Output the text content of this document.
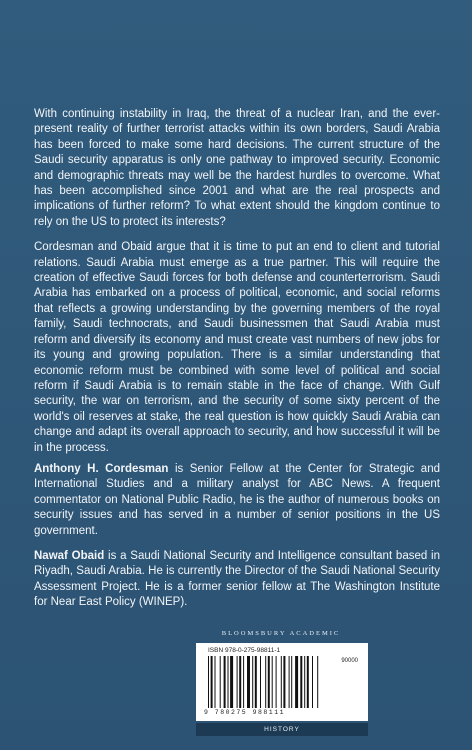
With continuing instability in Iraq, the threat of a nuclear Iran, and the ever-present reality of further terrorist attacks within its own borders, Saudi Arabia has been forced to make some hard decisions. The current structure of the Saudi security apparatus is only one pathway to improved security. Economic and demographic threats may well be the hardest hurdles to overcome. What has been accomplished since 2001 and what are the real prospects and implications of further reform? To what extent should the kingdom continue to rely on the US to protect its interests?

Cordesman and Obaid argue that it is time to put an end to client and tutorial relations. Saudi Arabia must emerge as a true partner. This will require the creation of effective Saudi forces for both defense and counterterrorism. Saudi Arabia has embarked on a process of political, economic, and social reforms that reflects a growing understanding by the governing members of the royal family, Saudi technocrats, and Saudi businessmen that Saudi Arabia must reform and diversify its economy and must create vast numbers of new jobs for its young and growing population. There is a similar understanding that economic reform must be combined with some level of political and social reform if Saudi Arabia is to remain stable in the face of change. With Gulf security, the war on terrorism, and the security of some sixty percent of the world's oil reserves at stake, the real question is how quickly Saudi Arabia can change and adapt its overall approach to security, and how successful it will be in the process.

Anthony H. Cordesman is Senior Fellow at the Center for Strategic and International Studies and a military analyst for ABC News. A frequent commentator on National Public Radio, he is the author of numerous books on security issues and has served in a number of senior positions in the US government.

Nawaf Obaid is a Saudi National Security and Intelligence consultant based in Riyadh, Saudi Arabia. He is currently the Director of the Saudi National Security Assessment Project. He is a former senior fellow at The Washington Institute for Near East Policy (WINEP).

BLOOMSBURY ACADEMIC
ISBN 978-0-275-98811-1
90000
9 780275 988111
HISTORY
